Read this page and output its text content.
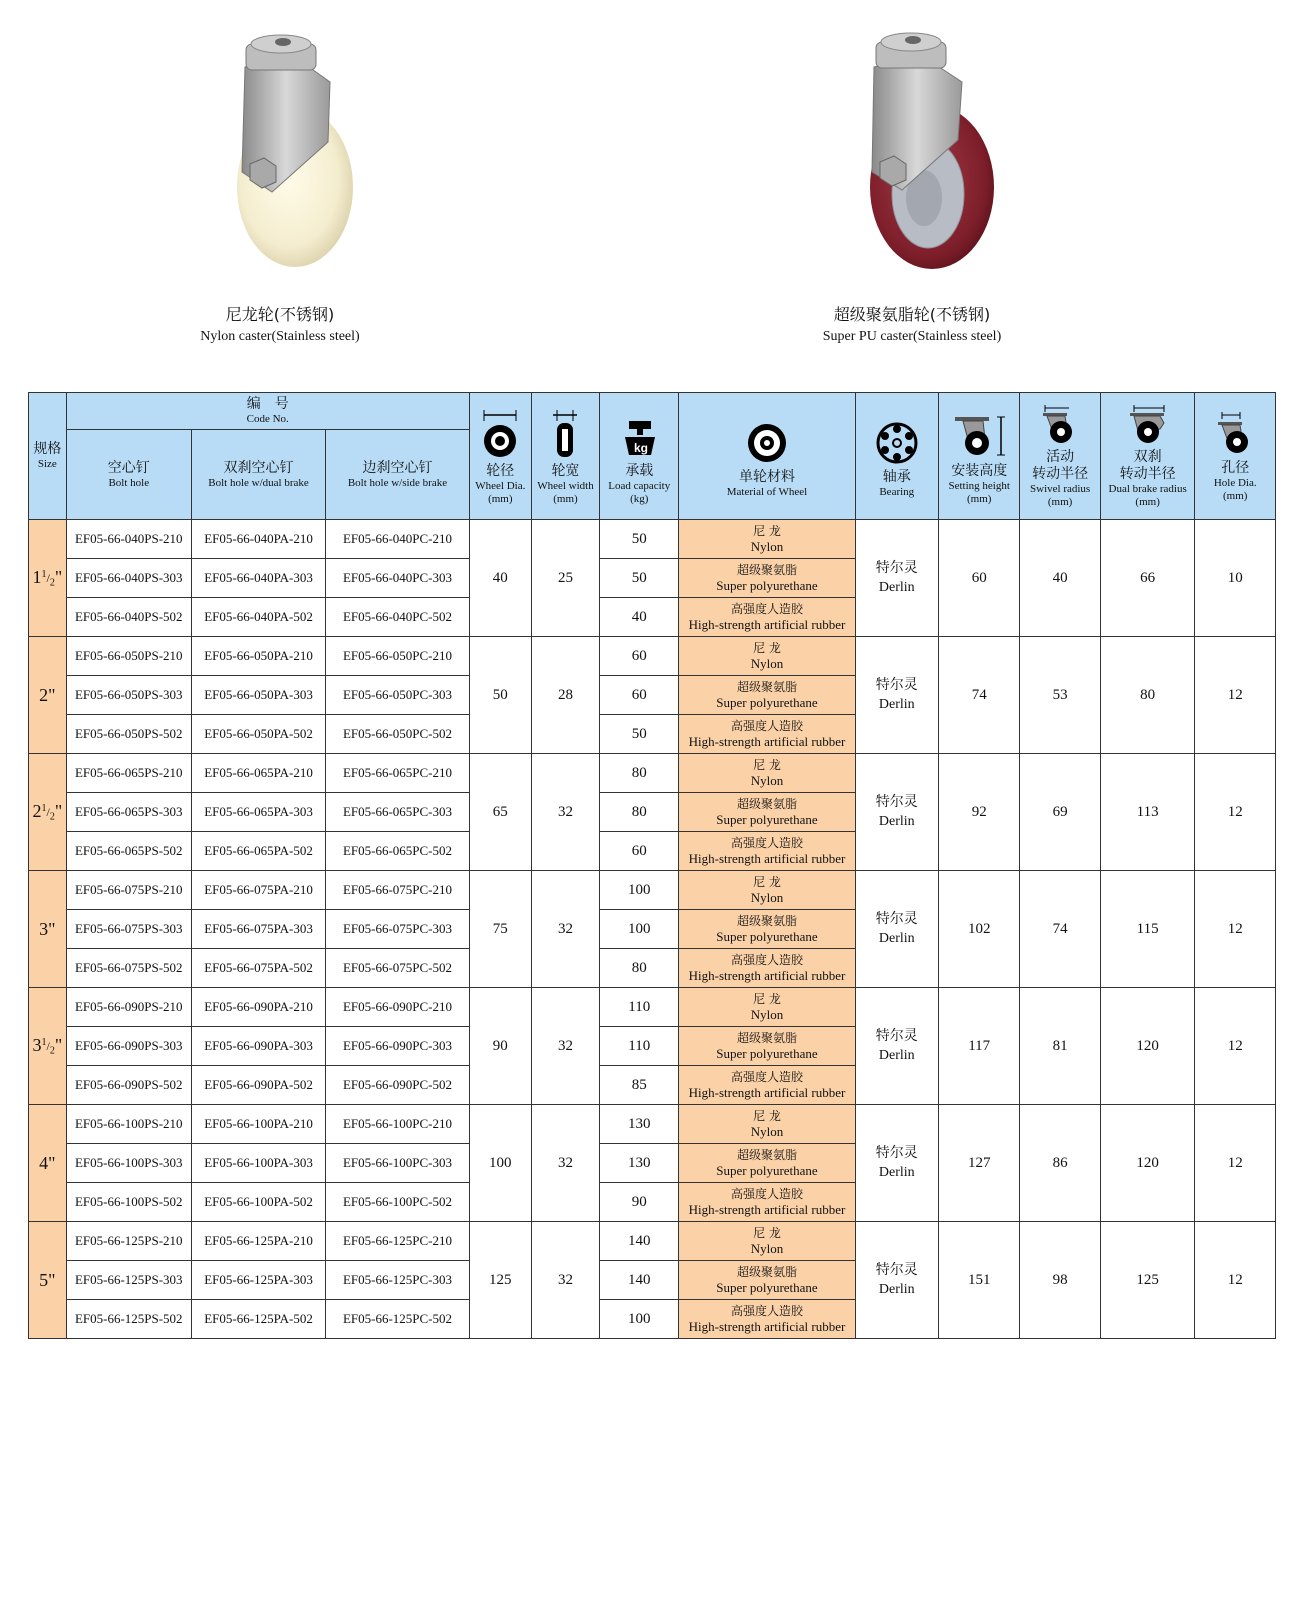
尼龙轮(不锈钢)
Nylon caster(Stainless steel)
超级聚氨脂轮(不锈钢)
Super PU caster(Stainless steel)
规格
Size	编　号
Code No.			轮径
Wheel Dia.
(mm)	轮宽
Wheel width
(mm)	kg
承载
Load capacity
(kg)	单轮材料
Material of Wheel	轴承
Bearing	安装高度
Setting height
(mm)	活动
转动半径
Swivel radius
(mm)	双刹
转动半径
Dual brake radius
(mm)	孔径
Hole Dia.
(mm)

	空心钉
Bolt hole	双刹空心钉
Bolt hole w/dual brake	边刹空心钉
Bolt hole w/side brake									

$1^1/_2$"	EF05-66-040PS-210	EF05-66-040PA-210	EF05-66-040PC-210	40	25	50	尼 龙
Nylon	特尔灵
Derlin	60	40	66	10
	EF05-66-040PS-303	EF05-66-040PA-303	EF05-66-040PC-303			50	超级聚氨脂
Super polyurethane					

	EF05-66-040PS-502	EF05-66-040PA-502	EF05-66-040PC-502			40	高强度人造胶
High-strength artificial rubber					

2"	EF05-66-050PS-210	EF05-66-050PA-210	EF05-66-050PC-210	50	28	60	尼 龙
Nylon	特尔灵
Derlin	74	53	80	12
	EF05-66-050PS-303	EF05-66-050PA-303	EF05-66-050PC-303			60	超级聚氨脂
Super polyurethane					

	EF05-66-050PS-502	EF05-66-050PA-502	EF05-66-050PC-502			50	高强度人造胶
High-strength artificial rubber					

$2^1/_2$"	EF05-66-065PS-210	EF05-66-065PA-210	EF05-66-065PC-210	65	32	80	尼 龙
Nylon	特尔灵
Derlin	92	69	113	12
	EF05-66-065PS-303	EF05-66-065PA-303	EF05-66-065PC-303			80	超级聚氨脂
Super polyurethane					

	EF05-66-065PS-502	EF05-66-065PA-502	EF05-66-065PC-502			60	高强度人造胶
High-strength artificial rubber					

3"	EF05-66-075PS-210	EF05-66-075PA-210	EF05-66-075PC-210	75	32	100	尼 龙
Nylon	特尔灵
Derlin	102	74	115	12
	EF05-66-075PS-303	EF05-66-075PA-303	EF05-66-075PC-303			100	超级聚氨脂
Super polyurethane					

	EF05-66-075PS-502	EF05-66-075PA-502	EF05-66-075PC-502			80	高强度人造胶
High-strength artificial rubber					

$3^1/_2$"	EF05-66-090PS-210	EF05-66-090PA-210	EF05-66-090PC-210	90	32	110	尼 龙
Nylon	特尔灵
Derlin	117	81	120	12
	EF05-66-090PS-303	EF05-66-090PA-303	EF05-66-090PC-303			110	超级聚氨脂
Super polyurethane					

	EF05-66-090PS-502	EF05-66-090PA-502	EF05-66-090PC-502			85	高强度人造胶
High-strength artificial rubber					

4"	EF05-66-100PS-210	EF05-66-100PA-210	EF05-66-100PC-210	100	32	130	尼 龙
Nylon	特尔灵
Derlin	127	86	120	12
	EF05-66-100PS-303	EF05-66-100PA-303	EF05-66-100PC-303			130	超级聚氨脂
Super polyurethane					

	EF05-66-100PS-502	EF05-66-100PA-502	EF05-66-100PC-502			90	高强度人造胶
High-strength artificial rubber					

5"	EF05-66-125PS-210	EF05-66-125PA-210	EF05-66-125PC-210	125	32	140	尼 龙
Nylon	特尔灵
Derlin	151	98	125	12
	EF05-66-125PS-303	EF05-66-125PA-303	EF05-66-125PC-303			140	超级聚氨脂
Super polyurethane					

	EF05-66-125PS-502	EF05-66-125PA-502	EF05-66-125PC-502			100	高强度人造胶
High-strength artificial rubber					
